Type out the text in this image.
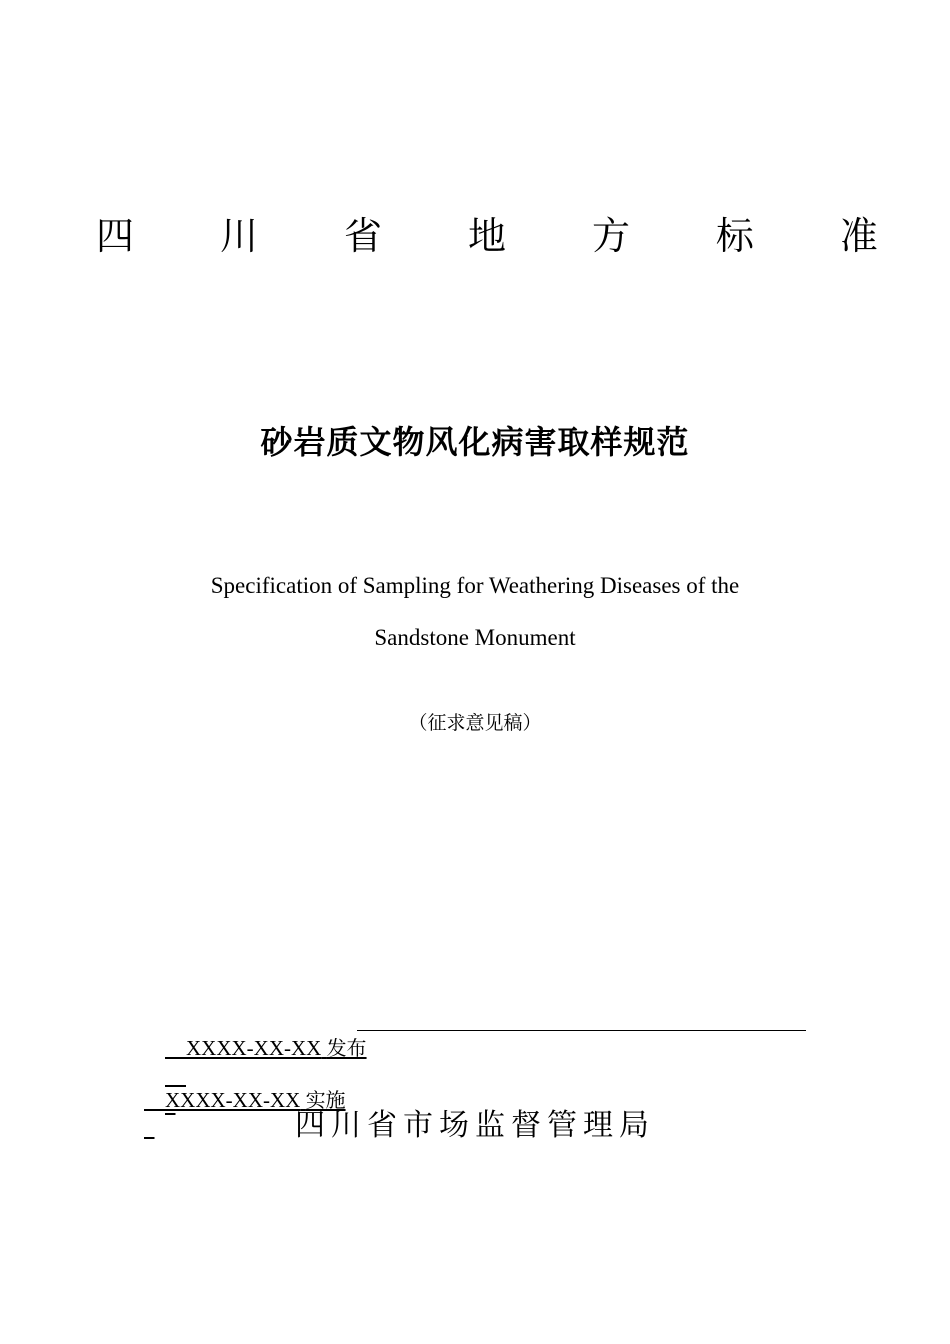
四 川 省 地 方 标 准
砂岩质文物风化病害取样规范
Specification of Sampling for Weathering Diseases of the
Sandstone Monument
（征求意见稿）

XXXX-XX-XX 发布

XXXX-XX-XX 实施

四川省市场监督管理局
